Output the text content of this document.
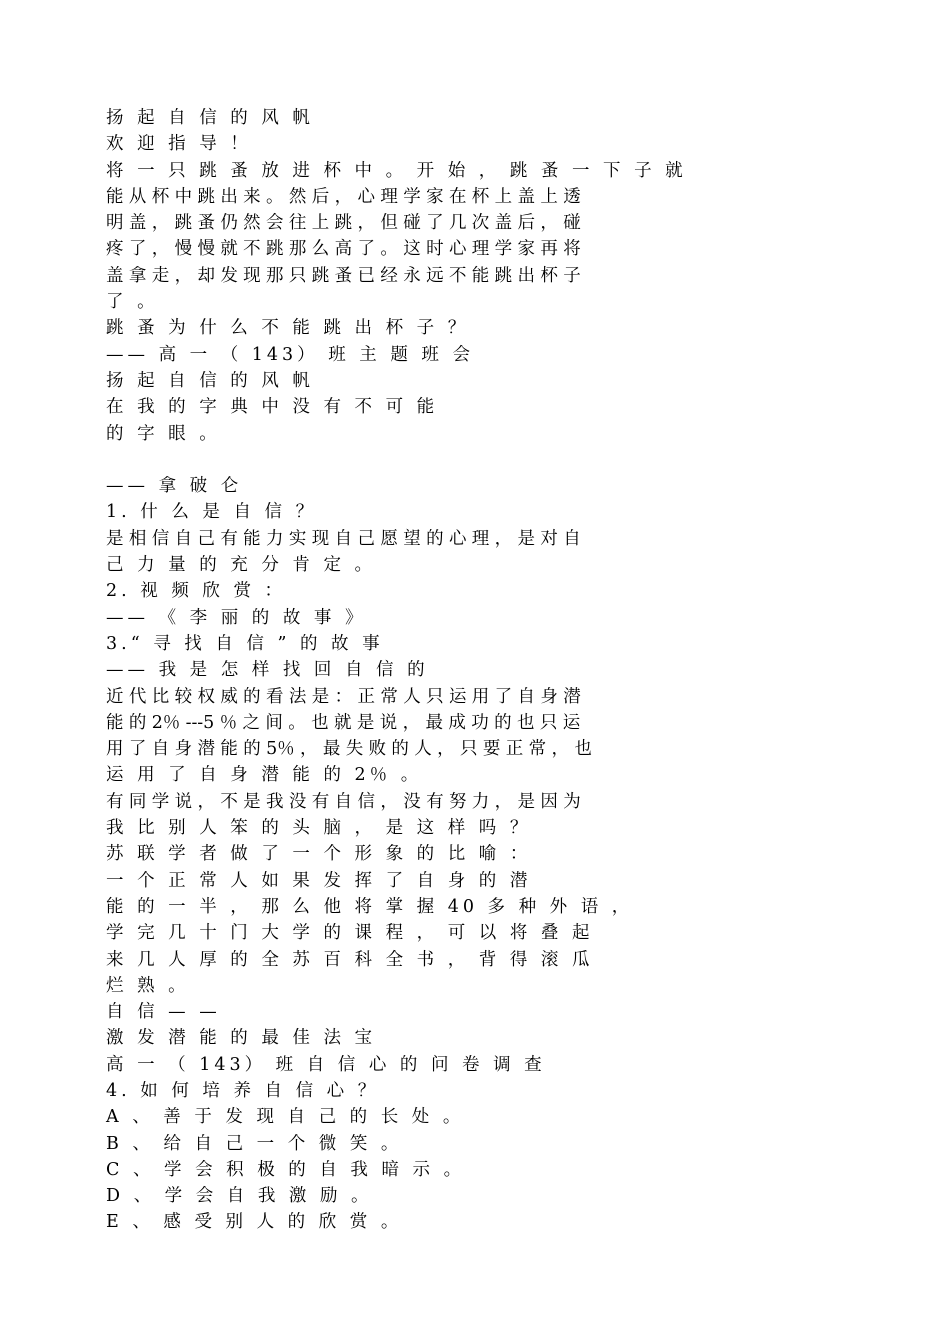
扬 起 自 信 的 风 帆
欢 迎 指 导 ！
将 一 只 跳 蚤 放 进 杯 中 。 开 始 ， 跳 蚤 一 下 子 就
能 从 杯 中 跳 出 来 。 然 后 ， 心 理 学 家 在 杯 上 盖 上 透
明 盖 ， 跳 蚤 仍 然 会 往 上 跳 ， 但 碰 了 几 次 盖 后 ， 碰
疼 了 ， 慢 慢 就 不 跳 那 么 高 了 。 这 时 心 理 学 家 再 将
盖 拿 走 ， 却 发 现 那 只 跳 蚤 已 经 永 远 不 能 跳 出 杯 子
了 。
跳 蚤 为 什 么 不 能 跳 出 杯 子 ？
—— 高 一 （ 143） 班 主 题 班 会
扬 起 自 信 的 风 帆
在 我 的 字 典 中 没 有 不 可 能
的 字 眼 。
—— 拿 破 仑
1. 什 么 是 自 信 ？
是 相 信 自 己 有 能 力 实 现 自 己 愿 望 的 心 理 ， 是 对 自
己 力 量 的 充 分 肯 定 。
2. 视 频 欣 赏 ：
—— 《 李 丽 的 故 事 》
3.“ 寻 找 自 信 ” 的 故 事
—— 我 是 怎 样 找 回 自 信 的
近 代 比 较 权 威 的 看 法 是 ： 正 常 人 只 运 用 了 自 身 潜
能 的 2％ ---5 ％ 之 间 。 也 就 是 说 ， 最 成 功 的 也 只 运
用 了 自 身 潜 能 的 5％ ， 最 失 败 的 人 ， 只 要 正 常 ， 也
运 用 了 自 身 潜 能 的 2％ 。
有 同 学 说 ， 不 是 我 没 有 自 信 ， 没 有 努 力 ， 是 因 为
我 比 别 人 笨 的 头 脑 ， 是 这 样 吗 ？
苏 联 学 者 做 了 一 个 形 象 的 比 喻 ：
一 个 正 常 人 如 果 发 挥 了 自 身 的 潜
能 的 一 半 ， 那 么 他 将 掌 握 40 多 种 外 语 ，
学 完 几 十 门 大 学 的 课 程 ， 可 以 将 叠 起
来 几 人 厚 的 全 苏 百 科 全 书 ， 背 得 滚 瓜
烂 熟 。
自 信 — —
激 发 潜 能 的 最 佳 法 宝
高 一 （ 143） 班 自 信 心 的 问 卷 调 查
4. 如 何 培 养 自 信 心 ？
A 、 善 于 发 现 自 己 的 长 处 。
B 、 给 自 己 一 个 微 笑 。
C 、 学 会 积 极 的 自 我 暗 示 。
D 、 学 会 自 我 激 励 。
E 、 感 受 别 人 的 欣 赏 。
